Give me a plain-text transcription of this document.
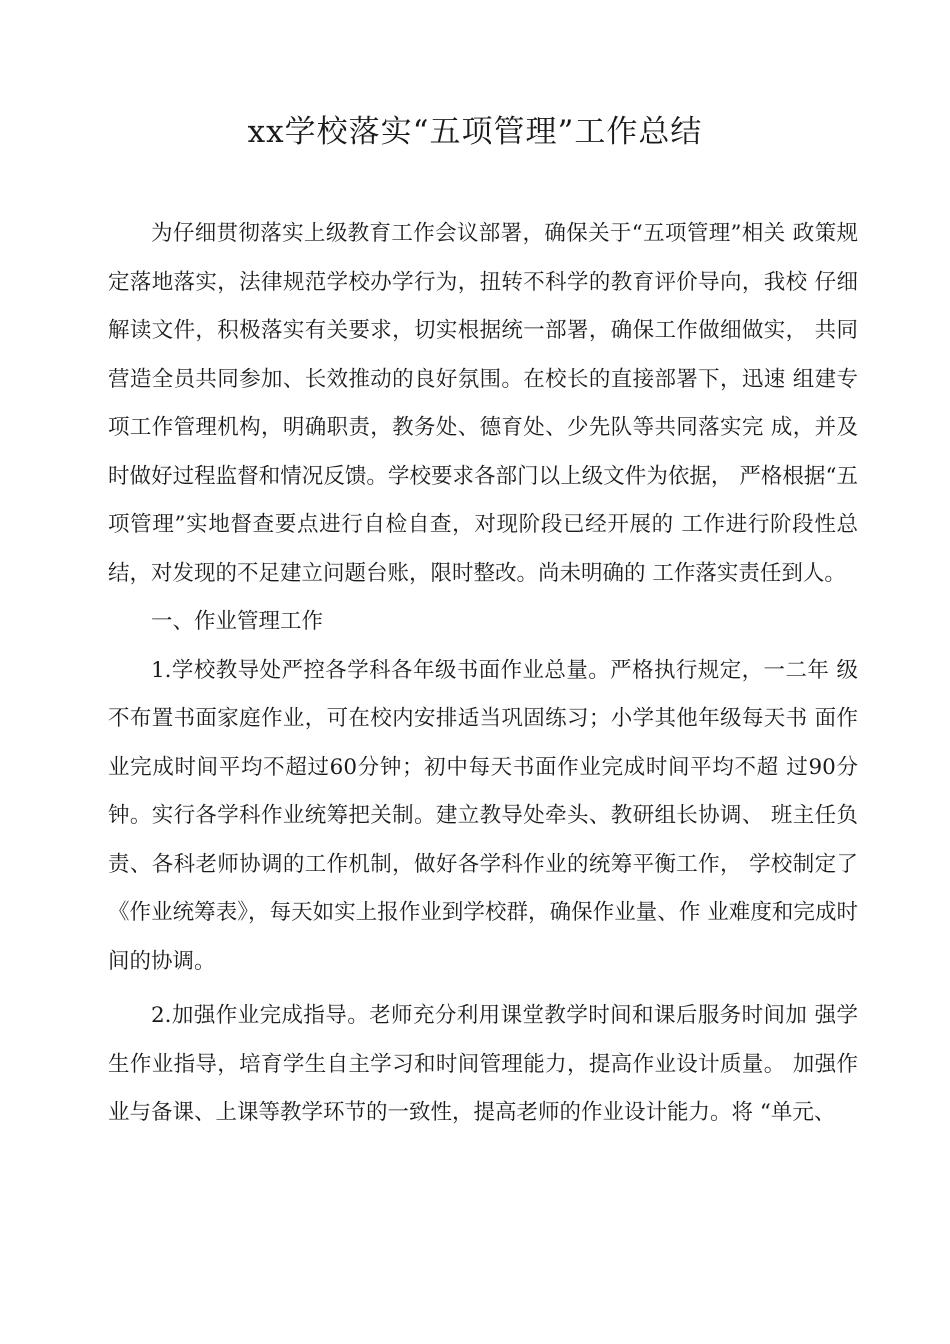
xx学校落实“五项管理”工作总结

为仔细贯彻落实上级教育工作会议部署，确保关于“五项管理”相关 政策规定落地落实，法律规范学校办学行为，扭转不科学的教育评价导向，我校 仔细解读文件，积极落实有关要求，切实根据统一部署，确保工作做细做实， 共同营造全员共同参加、长效推动的良好氛围。在校长的直接部署下，迅速 组建专项工作管理机构，明确职责，教务处、德育处、少先队等共同落实完 成，并及时做好过程监督和情况反馈。学校要求各部门以上级文件为依据， 严格根据“五项管理”实地督查要点进行自检自查，对现阶段已经开展的 工作进行阶段性总结，对发现的不足建立问题台账，限时整改。尚未明确的 工作落实责任到人。

一、作业管理工作

1.学校教导处严控各学科各年级书面作业总量。严格执行规定，一二年 级不布置书面家庭作业，可在校内安排适当巩固练习；小学其他年级每天书 面作业完成时间平均不超过60分钟；初中每天书面作业完成时间平均不超 过90分钟。实行各学科作业统筹把关制。建立教导处牵头、教研组长协调、 班主任负责、各科老师协调的工作机制，做好各学科作业的统筹平衡工作， 学校制定了《作业统筹表》，每天如实上报作业到学校群，确保作业量、作 业难度和完成时间的协调。

2.加强作业完成指导。老师充分利用课堂教学时间和课后服务时间加 强学生作业指导，培育学生自主学习和时间管理能力，提高作业设计质量。 加强作业与备课、上课等教学环节的一致性，提高老师的作业设计能力。将 “单元、
